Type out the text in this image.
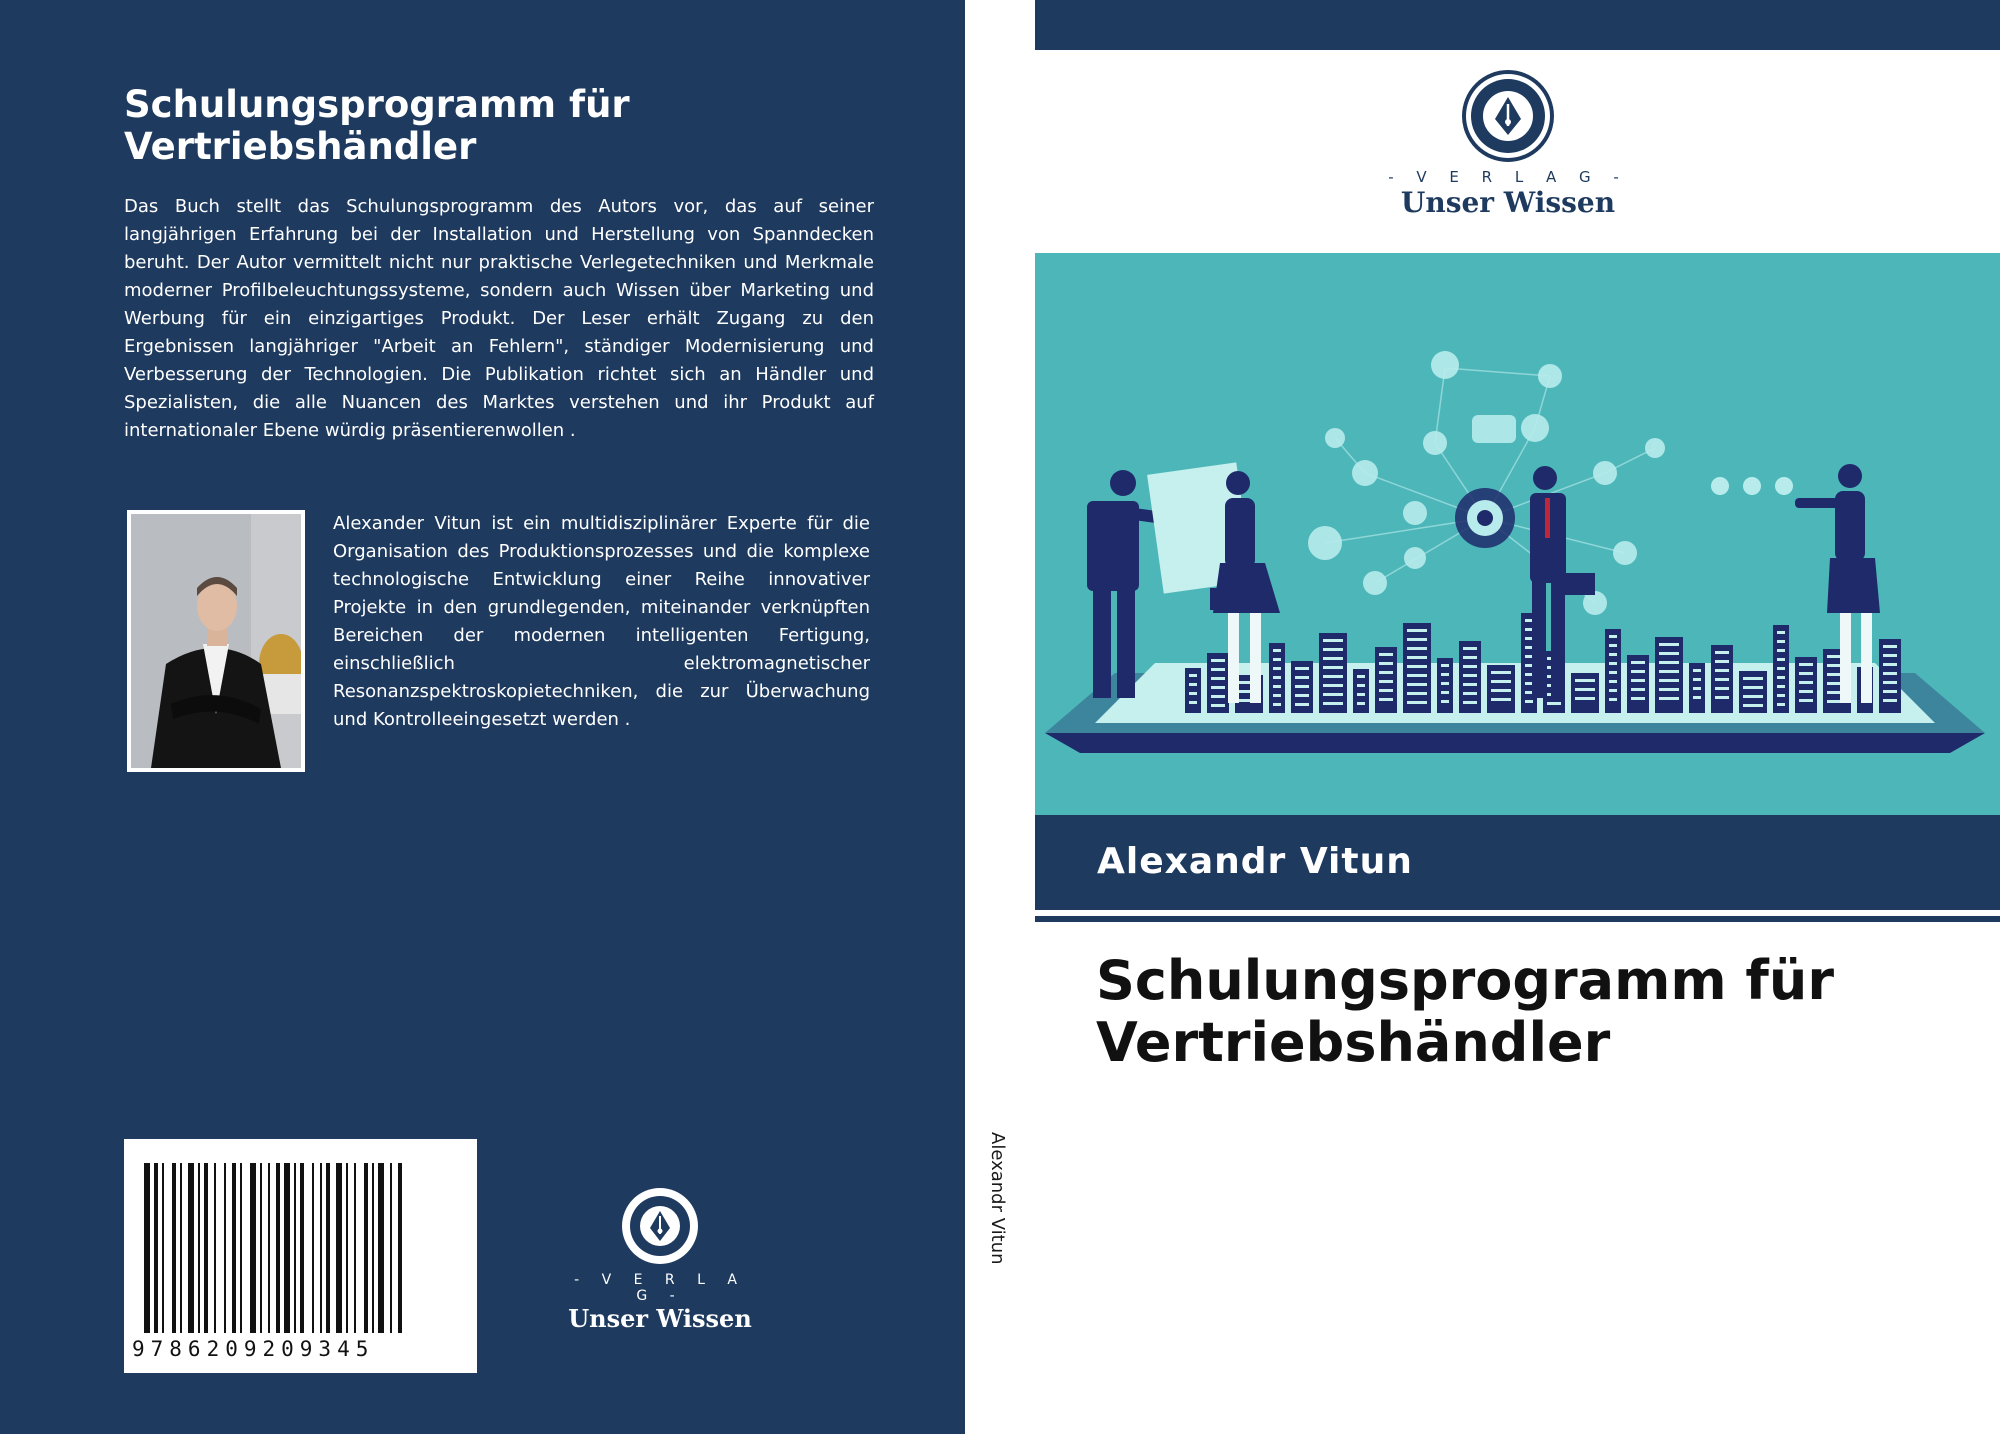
Schulungsprogramm für Vertriebshändler
Das Buch stellt das Schulungsprogramm des Autors vor, das auf seiner langjährigen Erfahrung bei der Installation und Herstellung von Spanndecken beruht. Der Autor vermittelt nicht nur praktische Verlegetechniken und Merkmale moderner Profilbeleuchtungssysteme, sondern auch Wissen über Marketing und Werbung für ein einzigartiges Produkt. Der Leser erhält Zugang zu den Ergebnissen langjähriger "Arbeit an Fehlern", ständiger Modernisierung und Verbesserung der Technologien. Die Publikation richtet sich an Händler und Spezialisten, die alle Nuancen des Marktes verstehen und ihr Produkt auf internationaler Ebene würdig präsentierenwollen .
Alexander Vitun ist ein multidisziplinärer Experte für die Organisation des Produktionsprozesses und die komplexe technologische Entwicklung einer Reihe innovativer Projekte in den grundlegenden, miteinander verknüpften Bereichen der modernen intelligenten Fertigung, einschließlich elektromagnetischer Resonanzspektroskopietechniken, die zur Überwachung und Kontrolleeingesetzt werden .
9786209209345
- V E R L A G -
Unser Wissen
Alexandr Vitun
- V E R L A G -
Unser Wissen
Alexandr Vitun
Schulungsprogramm für Vertriebshändler
